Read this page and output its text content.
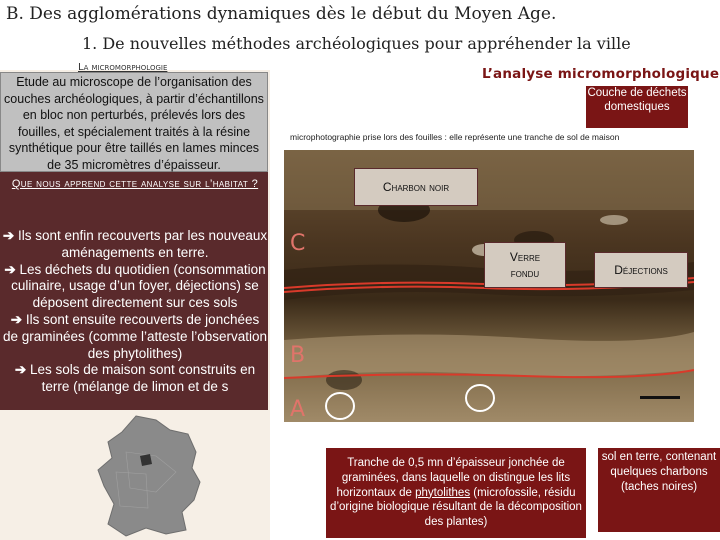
B. Des agglomérations dynamiques dès le début du Moyen Age.
1. De nouvelles méthodes archéologiques pour appréhender la ville
La micromorphologie
Etude au microscope de l’organisation des couches archéologiques, à partir d’échantillons en bloc non perturbés, prélevés lors des fouilles, et spécialement traités à la résine synthétique pour être taillés en lames minces de 35 micromètres d’épaisseur.
Que nous apprend cette analyse sur l’habitat ?
➔ Ils sont enfin recouverts par les nouveaux aménagements en terre.
➔ Les déchets du quotidien (consommation culinaire, usage d’un foyer, déjections) se déposent directement sur ces sols
➔ Ils sont ensuite recouverts de jonchées de graminées (comme l’atteste l’observation des phytolithes)
➔ Les sols de maison sont construits en terre (mélange de limon et de s
L’analyse micromorphologique
Couche de déchets domestiques
microphotographie prise lors des fouilles : elle représente une tranche de sol de maison
C
B
A
Charbon noir
Verre
fondu	Déjections
Tranche de 0,5 mn d’épaisseur jonchée de graminées, dans laquelle on distingue les lits horizontaux de phytolithes (microfossile, résidu d’origine biologique résultant de la décomposition des plantes)
sol en terre, contenant quelques charbons (taches noires)
